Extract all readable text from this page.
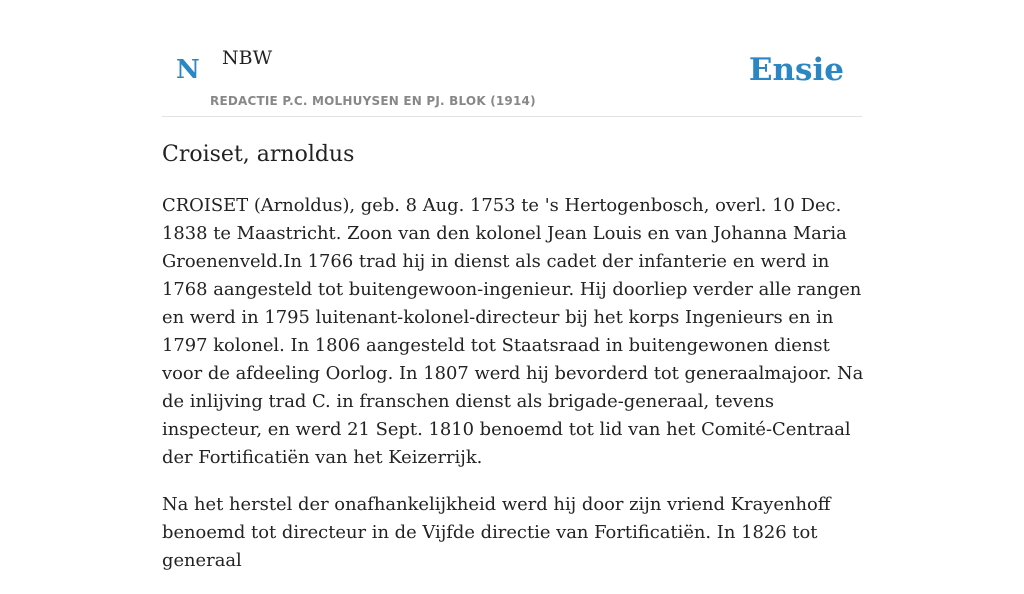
N NBW
REDACTIE P.C. MOLHUYSEN EN PJ. BLOK (1914)
Ensie
Croiset, arnoldus

CROISET (Arnoldus), geb. 8 Aug. 1753 te 's Hertogenbosch, overl. 10 Dec. 1838 te Maastricht. Zoon van den kolonel Jean Louis en van Johanna Maria Groenenveld.In 1766 trad hij in dienst als cadet der infanterie en werd in 1768 aangesteld tot buitengewoon-ingenieur. Hij doorliep verder alle rangen en werd in 1795 luitenant-kolonel-directeur bij het korps Ingenieurs en in 1797 kolonel. In 1806 aangesteld tot Staatsraad in buitengewonen dienst voor de afdeeling Oorlog. In 1807 werd hij bevorderd tot generaalmajoor. Na de inlijving trad C. in franschen dienst als brigade-generaal, tevens inspecteur, en werd 21 Sept. 1810 benoemd tot lid van het Comité-Centraal der Fortificatiën van het Keizerrijk.

Na het herstel der onafhankelijkheid werd hij door zijn vriend Krayenhoff benoemd tot directeur in de Vijfde directie van Fortificatiën. In 1826 tot generaal
